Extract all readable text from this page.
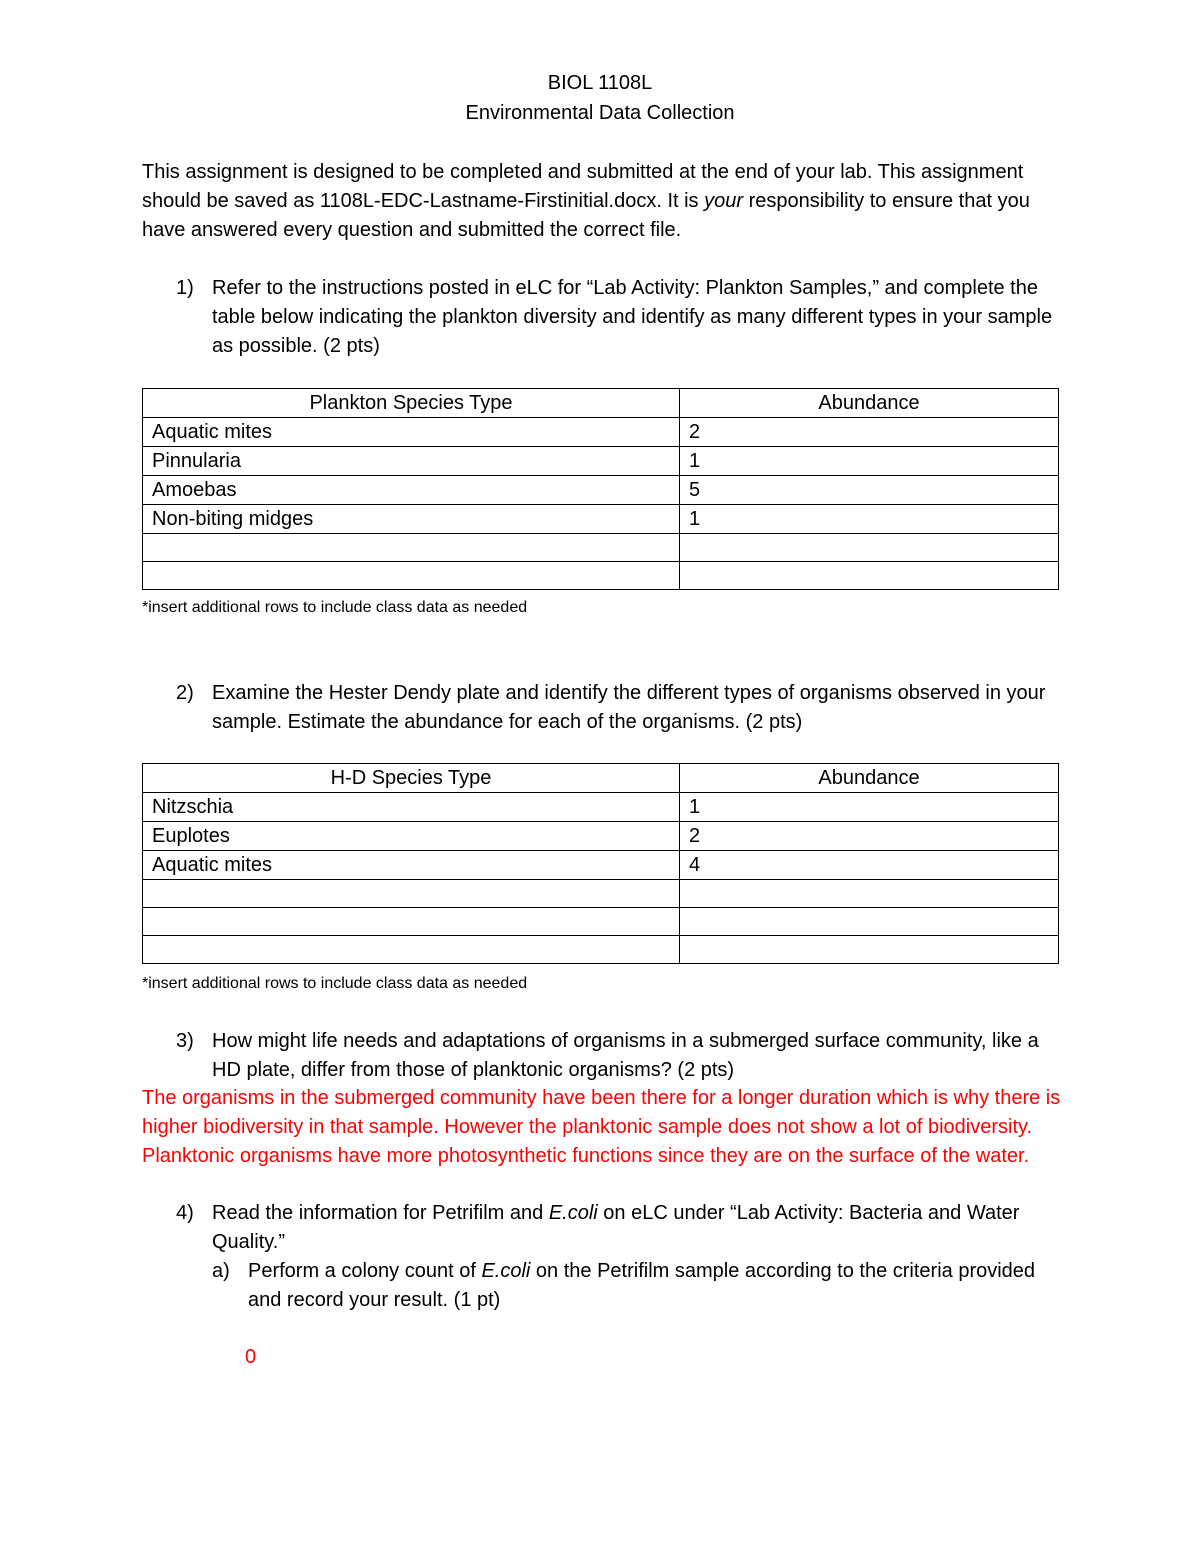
BIOL 1108L
Environmental Data Collection
This assignment is designed to be completed and submitted at the end of your lab. This assignment should be saved as 1108L-EDC-Lastname-Firstinitial.docx. It is your responsibility to ensure that you have answered every question and submitted the correct file.
1) Refer to the instructions posted in eLC for “Lab Activity: Plankton Samples,” and complete the table below indicating the plankton diversity and identify as many different types in your sample as possible. (2 pts)
Plankton Species Type	Abundance
Aquatic mites	2
Pinnularia	1
Amoebas	5
Non-biting midges	1

*insert additional rows to include class data as needed
2) Examine the Hester Dendy plate and identify the different types of organisms observed in your sample. Estimate the abundance for each of the organisms. (2 pts)
H-D Species Type	Abundance
Nitzschia	1
Euplotes	2
Aquatic mites	4

*insert additional rows to include class data as needed
3) How might life needs and adaptations of organisms in a submerged surface community, like a HD plate, differ from those of planktonic organisms? (2 pts)
The organisms in the submerged community have been there for a longer duration which is why there is higher biodiversity in that sample. However the planktonic sample does not show a lot of biodiversity. Planktonic organisms have more photosynthetic functions since they are on the surface of the water.
4) Read the information for Petrifilm and E.coli on eLC under “Lab Activity: Bacteria and Water Quality.”
a) Perform a colony count of E.coli on the Petrifilm sample according to the criteria provided and record your result. (1 pt)
0
